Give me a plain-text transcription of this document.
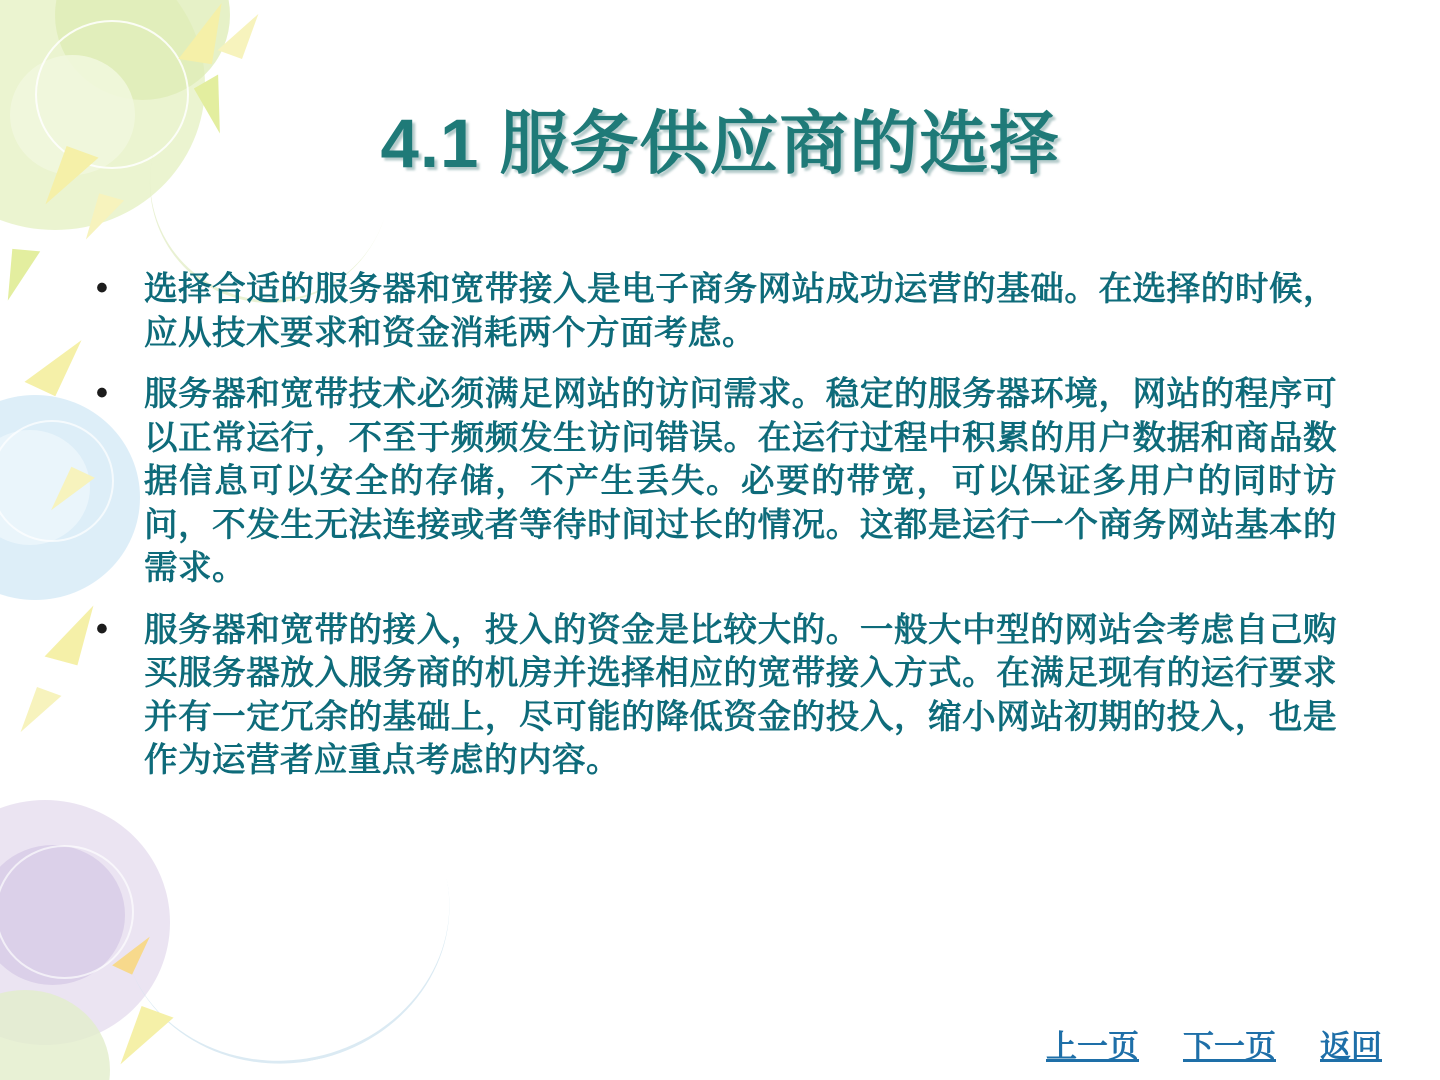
4.1 服务供应商的选择
• 选择合适的服务器和宽带接入是电子商务网站成功运营的基础。在选择的时候，应从技术要求和资金消耗两个方面考虑。
• 服务器和宽带技术必须满足网站的访问需求。稳定的服务器环境，网站的程序可以正常运行，不至于频频发生访问错误。在运行过程中积累的用户数据和商品数据信息可以安全的存储，不产生丢失。必要的带宽，可以保证多用户的同时访问，不发生无法连接或者等待时间过长的情况。这都是运行一个商务网站基本的需求。
• 服务器和宽带的接入，投入的资金是比较大的。一般大中型的网站会考虑自己购买服务器放入服务商的机房并选择相应的宽带接入方式。在满足现有的运行要求并有一定冗余的基础上，尽可能的降低资金的投入，缩小网站初期的投入，也是作为运营者应重点考虑的内容。
上一页 下一页 返回
